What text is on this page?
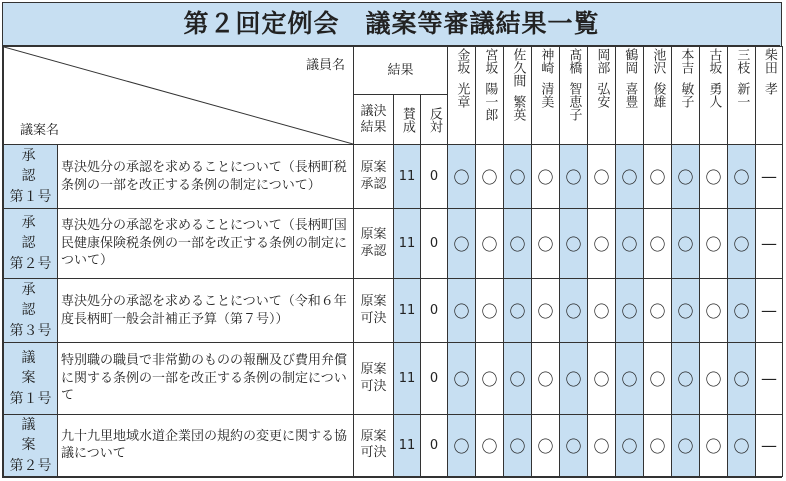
第２回定例会　議案等審議結果一覧
議員名
議案名		結果			金坂光章	宮坂陽一郎	佐久間繁英	神崎清美	髙橋智恵子	岡部弘安	鶴岡喜豊	池沢俊雄	本吉敏子	古坂勇人	三枝新一	柴田孝

		議決結果	賛成	反対												

承認
第１号	専決処分の承認を求めることについて（長柄町税条例の一部を改正する条例の制定について）	原案承認	11	0	〇	〇	〇	〇	〇	〇	〇	〇	〇	〇	〇	—

承認
第２号	専決処分の承認を求めることについて（長柄町国民健康保険税条例の一部を改正する条例の制定について）	原案承認	11	0	〇	〇	〇	〇	〇	〇	〇	〇	〇	〇	〇	—

承認
第３号	専決処分の承認を求めることについて（令和６年度長柄町一般会計補正予算（第７号））	原案可決	11	0	〇	〇	〇	〇	〇	〇	〇	〇	〇	〇	〇	—

議案
第１号	特別職の職員で非常勤のものの報酬及び費用弁償に関する条例の一部を改正する条例の制定について	原案可決	11	0	〇	〇	〇	〇	〇	〇	〇	〇	〇	〇	〇	—

議案
第２号	九十九里地域水道企業団の規約の変更に関する協議について	原案可決	11	0	〇	〇	〇	〇	〇	〇	〇	〇	〇	〇	〇	—
